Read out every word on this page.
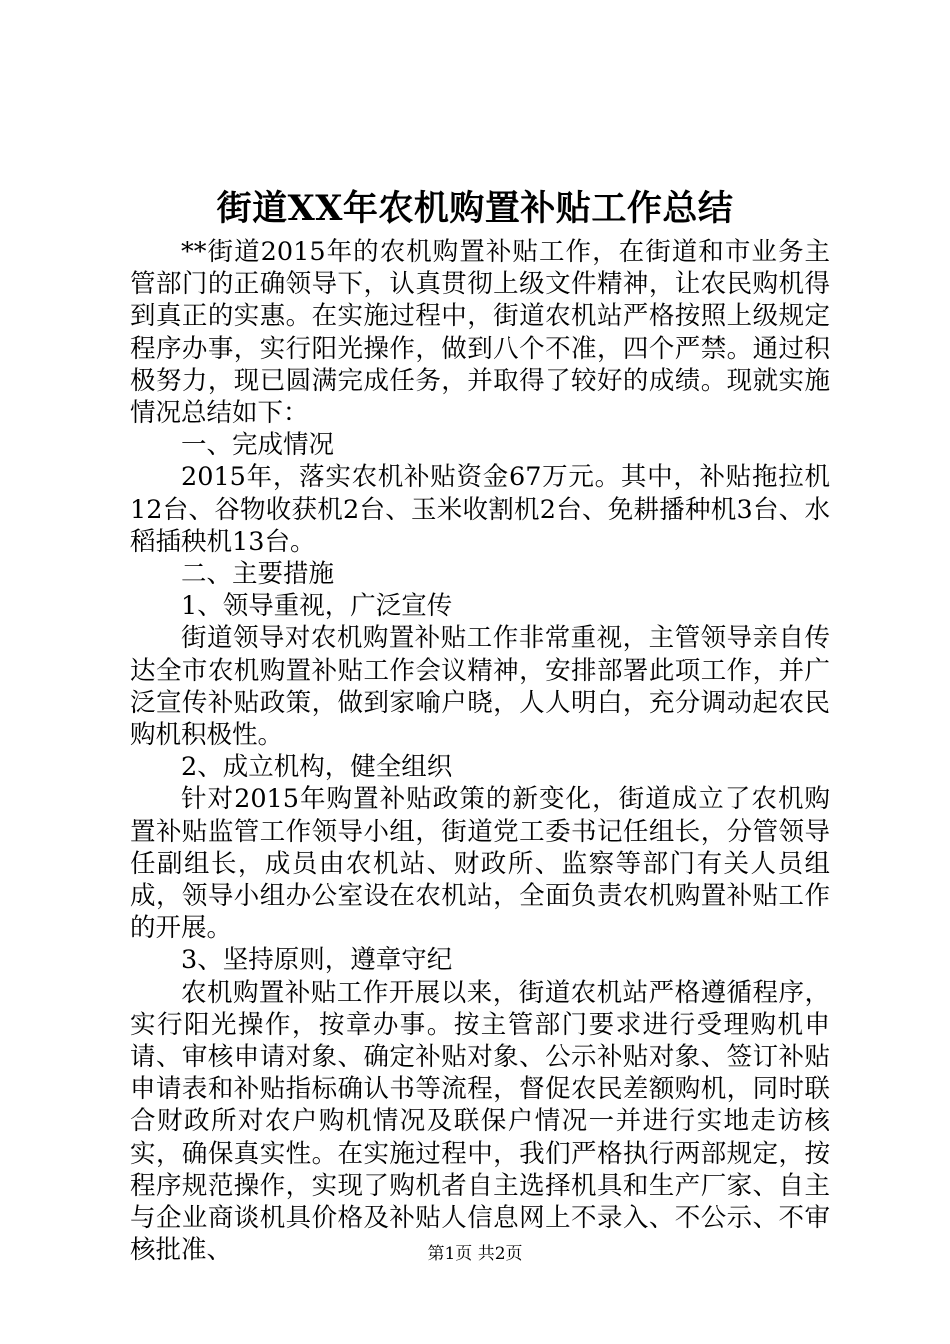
街道XX年农机购置补贴工作总结

**街道2015年的农机购置补贴工作，在街道和市业务主管部门的正确领导下，认真贯彻上级文件精神，让农民购机得到真正的实惠。在实施过程中，街道农机站严格按照上级规定程序办事，实行阳光操作，做到八个不准，四个严禁。通过积极努力，现已圆满完成任务，并取得了较好的成绩。现就实施情况总结如下：

一、完成情况

2015年，落实农机补贴资金67万元。其中，补贴拖拉机12台、谷物收获机2台、玉米收割机2台、免耕播种机3台、水稻插秧机13台。

二、主要措施

1、领导重视，广泛宣传

街道领导对农机购置补贴工作非常重视，主管领导亲自传达全市农机购置补贴工作会议精神，安排部署此项工作，并广泛宣传补贴政策，做到家喻户晓，人人明白，充分调动起农民购机积极性。

2、成立机构，健全组织

针对2015年购置补贴政策的新变化，街道成立了农机购置补贴监管工作领导小组，街道党工委书记任组长，分管领导任副组长，成员由农机站、财政所、监察等部门有关人员组成，领导小组办公室设在农机站，全面负责农机购置补贴工作的开展。

3、坚持原则，遵章守纪

农机购置补贴工作开展以来，街道农机站严格遵循程序，实行阳光操作，按章办事。按主管部门要求进行受理购机申请、审核申请对象、确定补贴对象、公示补贴对象、签订补贴申请表和补贴指标确认书等流程，督促农民差额购机，同时联合财政所对农户购机情况及联保户情况一并进行实地走访核实，确保真实性。在实施过程中，我们严格执行两部规定，按程序规范操作，实现了购机者自主选择机具和生产厂家、自主与企业商谈机具价格及补贴人信息网上不录入、不公示、不审核批准、	第1页 共2页
